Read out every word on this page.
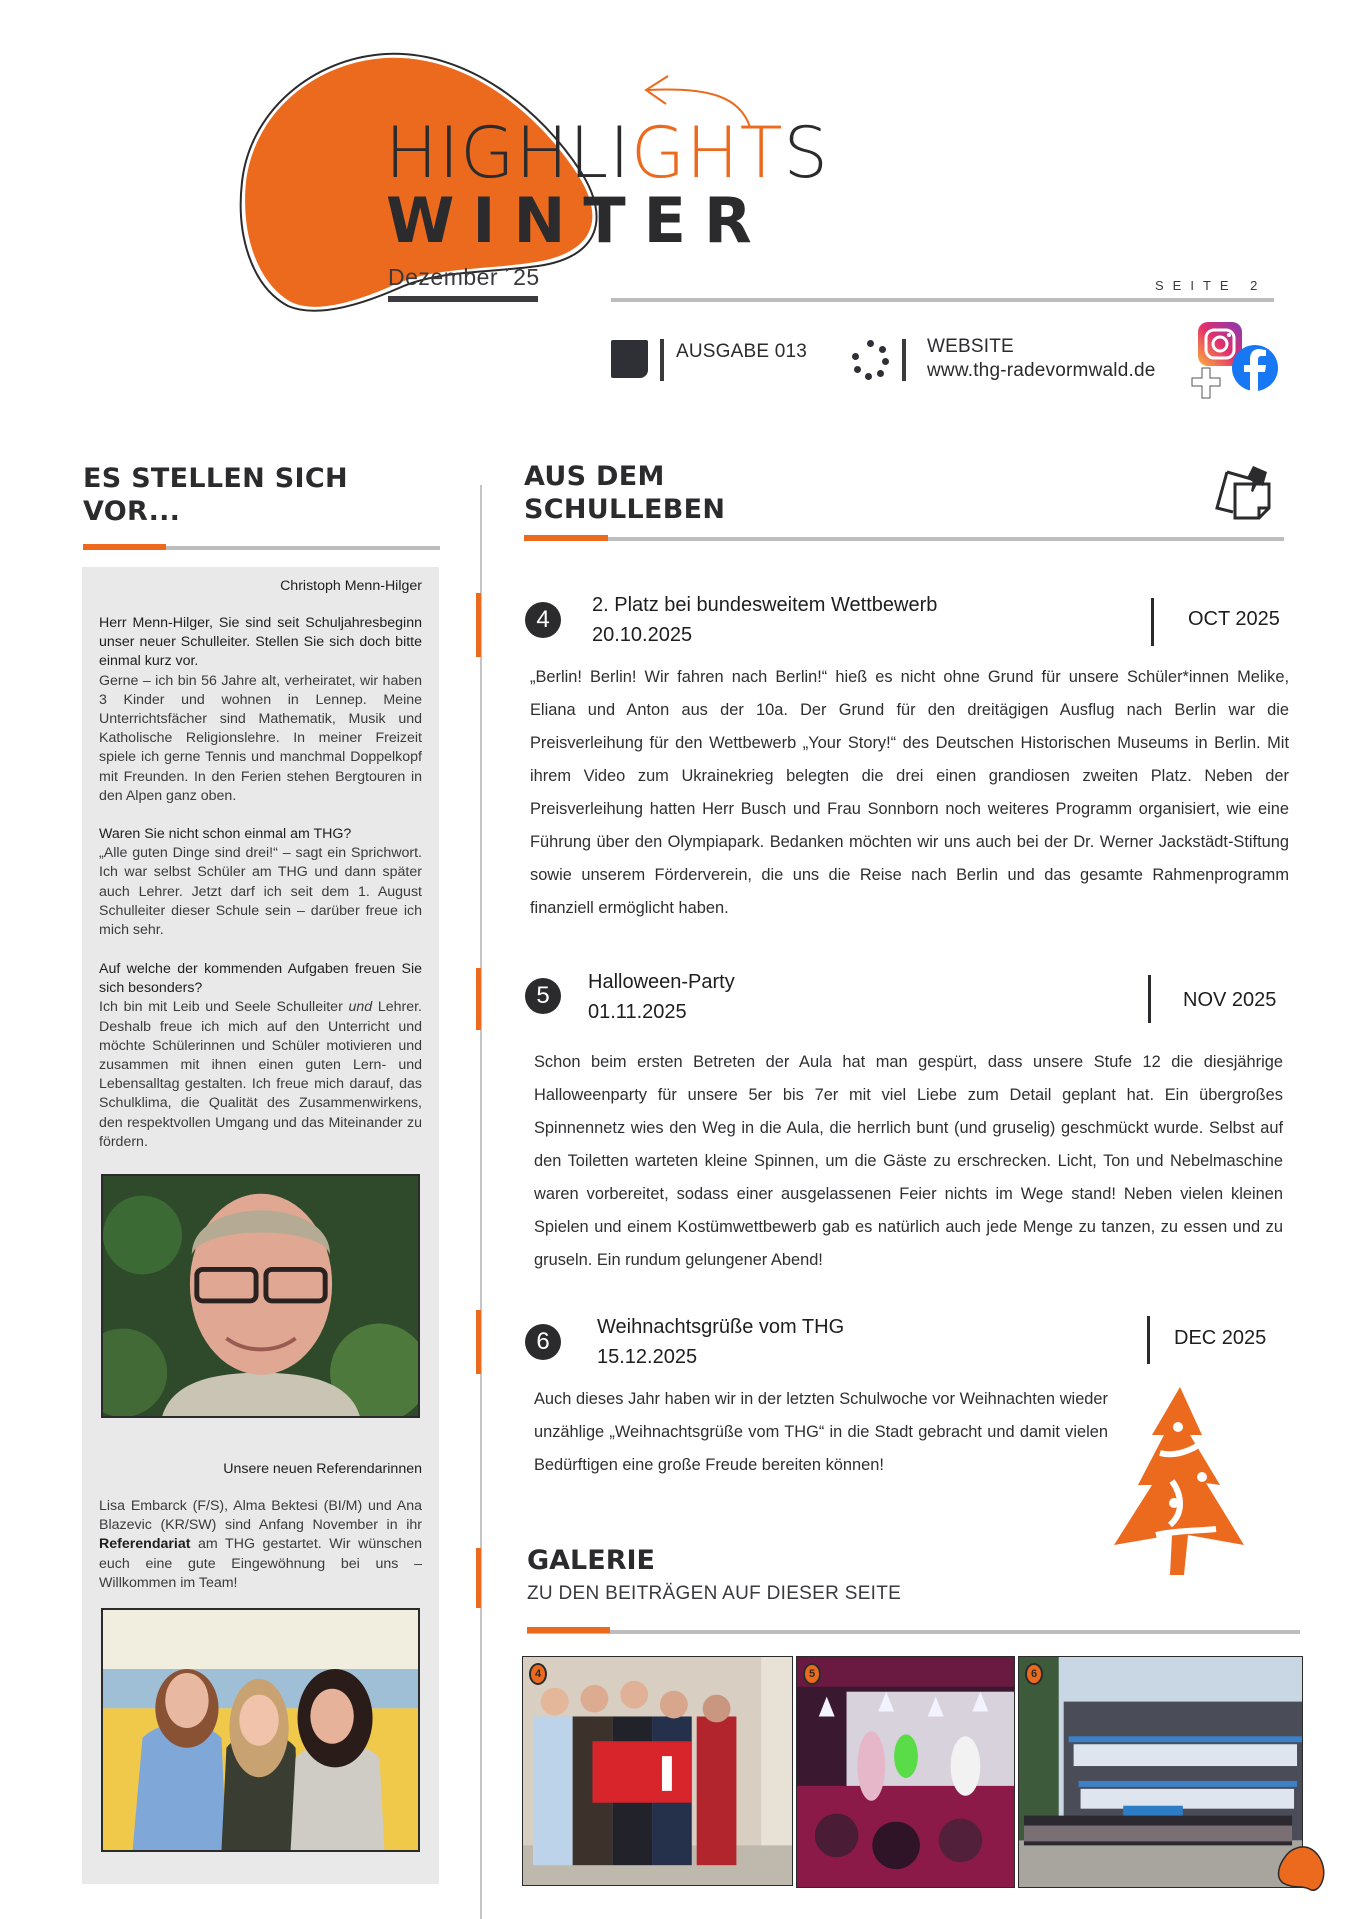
HIGHLIGHTS
WINTER
Dezember ´25	SEITE 2
AUSGABE 013	WEBSITE
www.thg-radevormwald.de
ES STELLEN SICH
VOR...
Christoph Menn-Hilger
Herr Menn-Hilger, Sie sind seit Schuljahresbeginn unser neuer Schulleiter. Stellen Sie sich doch bitte einmal kurz vor.
Gerne – ich bin 56 Jahre alt, verheiratet, wir haben 3 Kinder und wohnen in Lennep. Meine Unterrichtsfächer sind Mathematik, Musik und Katholische Religionslehre. In meiner Freizeit spiele ich gerne Tennis und manchmal Doppelkopf mit Freunden. In den Ferien stehen Bergtouren in den Alpen ganz oben.
Waren Sie nicht schon einmal am THG?
„Alle guten Dinge sind drei!“ – sagt ein Sprichwort. Ich war selbst Schüler am THG und dann später auch Lehrer. Jetzt darf ich seit dem 1. August Schulleiter dieser Schule sein – darüber freue ich mich sehr.
Auf welche der kommenden Aufgaben freuen Sie sich besonders?
Ich bin mit Leib und Seele Schulleiter und Lehrer. Deshalb freue ich mich auf den Unterricht und möchte Schülerinnen und Schüler motivieren und zusammen mit ihnen einen guten Lern- und Lebensalltag gestalten. Ich freue mich darauf, das Schulklima, die Qualität des Zusammenwirkens, den respektvollen Umgang und das Miteinander zu fördern.
Unsere neuen Referendarinnen
Lisa Embarck (F/S), Alma Bektesi (BI/M) und Ana Blazevic (KR/SW) sind Anfang November in ihr Referendariat am THG gestartet. Wir wünschen euch eine gute Eingewöhnung bei uns – Willkommen im Team!
AUS DEM
SCHULLEBEN
4
2. Platz bei bundesweitem Wettbewerb
20.10.2025
OCT 2025
„Berlin! Berlin! Wir fahren nach Berlin!“ hieß es nicht ohne Grund für unsere Schüler*innen Melike, Eliana und Anton aus der 10a. Der Grund für den dreitägigen Ausflug nach Berlin war die Preisverleihung für den Wettbewerb „Your Story!“ des Deutschen Historischen Museums in Berlin. Mit ihrem Video zum Ukrainekrieg belegten die drei einen grandiosen zweiten Platz. Neben der Preisverleihung hatten Herr Busch und Frau Sonnborn noch weiteres Programm organisiert, wie eine Führung über den Olympiapark. Bedanken möchten wir uns auch bei der Dr. Werner Jackstädt-Stiftung sowie unserem Förderverein, die uns die Reise nach Berlin und das gesamte Rahmenprogramm finanziell ermöglicht haben.
5	Halloween-Party
01.11.2025
NOV 2025
Schon beim ersten Betreten der Aula hat man gespürt, dass unsere Stufe 12 die diesjährige Halloweenparty für unsere 5er bis 7er mit viel Liebe zum Detail geplant hat. Ein übergroßes Spinnennetz wies den Weg in die Aula, die herrlich bunt (und gruselig) geschmückt wurde. Selbst auf den Toiletten warteten kleine Spinnen, um die Gäste zu erschrecken. Licht, Ton und Nebelmaschine waren vorbereitet, sodass einer ausgelassenen Feier nichts im Wege stand! Neben vielen kleinen Spielen und einem Kostümwettbewerb gab es natürlich auch jede Menge zu tanzen, zu essen und zu gruseln. Ein rundum gelungener Abend!
6
Weihnachtsgrüße vom THG
15.12.2025
DEC 2025
Auch dieses Jahr haben wir in der letzten Schulwoche vor Weihnachten wieder unzählige „Weihnachtsgrüße vom THG“ in die Stadt gebracht und damit vielen Bedürftigen eine große Freude bereiten können!
GALERIE
ZU DEN BEITRÄGEN AUF DIESER SEITE
4	5	6
